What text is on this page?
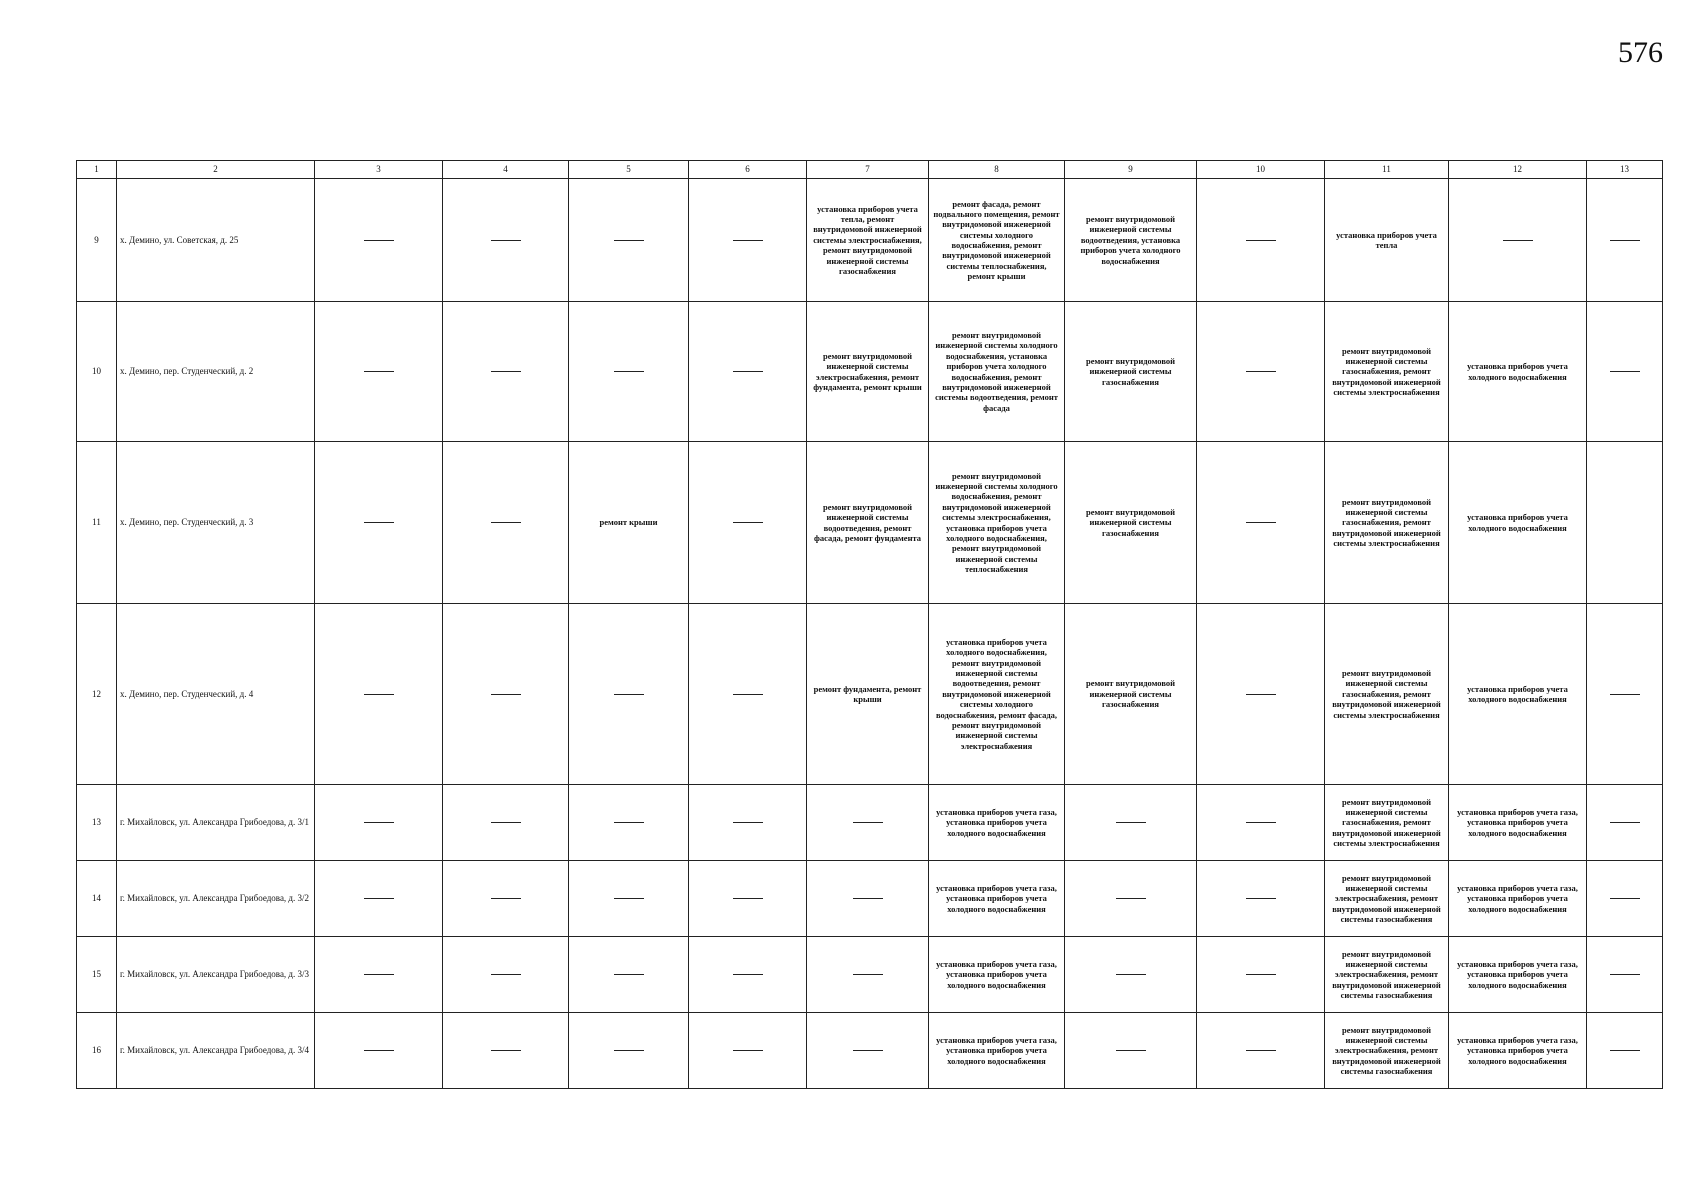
576
1	2	3	4	5	6	7	8	9	10	11	12	13
9	х. Демино, ул. Советская, д. 25					установка приборов учета тепла, ремонт внутридомовой инженерной системы электроснабжения, ремонт внутридомовой инженерной системы газоснабжения	ремонт фасада, ремонт подвального помещения, ремонт внутридомовой инженерной системы холодного водоснабжения, ремонт внутридомовой инженерной системы теплоснабжения, ремонт крыши	ремонт внутридомовой инженерной системы водоотведения, установка приборов учета холодного водоснабжения		установка приборов учета тепла		
10	х. Демино, пер. Студенческий, д. 2					ремонт внутридомовой инженерной системы электроснабжения, ремонт фундамента, ремонт крыши	ремонт внутридомовой инженерной системы холодного водоснабжения, установка приборов учета холодного водоснабжения, ремонт внутридомовой инженерной системы водоотведения, ремонт фасада	ремонт внутридомовой инженерной системы газоснабжения		ремонт внутридомовой инженерной системы газоснабжения, ремонт внутридомовой инженерной системы электроснабжения	установка приборов учета холодного водоснабжения	
11	х. Демино, пер. Студенческий, д. 3			ремонт крыши		ремонт внутридомовой инженерной системы водоотведения, ремонт фасада, ремонт фундамента	ремонт внутридомовой инженерной системы холодного водоснабжения, ремонт внутридомовой инженерной системы электроснабжения, установка приборов учета холодного водоснабжения, ремонт внутридомовой инженерной системы теплоснабжения	ремонт внутридомовой инженерной системы газоснабжения		ремонт внутридомовой инженерной системы газоснабжения, ремонт внутридомовой инженерной системы электроснабжения	установка приборов учета холодного водоснабжения	
12	х. Демино, пер. Студенческий, д. 4					ремонт фундамента, ремонт крыши	установка приборов учета холодного водоснабжения, ремонт внутридомовой инженерной системы водоотведения, ремонт внутридомовой инженерной системы холодного водоснабжения, ремонт фасада, ремонт внутридомовой инженерной системы электроснабжения	ремонт внутридомовой инженерной системы газоснабжения		ремонт внутридомовой инженерной системы газоснабжения, ремонт внутридомовой инженерной системы электроснабжения	установка приборов учета холодного водоснабжения	
13	г. Михайловск, ул. Александра Грибоедова, д. 3/1						установка приборов учета газа, установка приборов учета холодного водоснабжения			ремонт внутридомовой инженерной системы газоснабжения, ремонт внутридомовой инженерной системы электроснабжения	установка приборов учета газа, установка приборов учета холодного водоснабжения	
14	г. Михайловск, ул. Александра Грибоедова, д. 3/2						установка приборов учета газа, установка приборов учета холодного водоснабжения			ремонт внутридомовой инженерной системы электроснабжения, ремонт внутридомовой инженерной системы газоснабжения	установка приборов учета газа, установка приборов учета холодного водоснабжения	
15	г. Михайловск, ул. Александра Грибоедова, д. 3/3						установка приборов учета газа, установка приборов учета холодного водоснабжения			ремонт внутридомовой инженерной системы электроснабжения, ремонт внутридомовой инженерной системы газоснабжения	установка приборов учета газа, установка приборов учета холодного водоснабжения	
16	г. Михайловск, ул. Александра Грибоедова, д. 3/4						установка приборов учета газа, установка приборов учета холодного водоснабжения			ремонт внутридомовой инженерной системы электроснабжения, ремонт внутридомовой инженерной системы газоснабжения	установка приборов учета газа, установка приборов учета холодного водоснабжения	
